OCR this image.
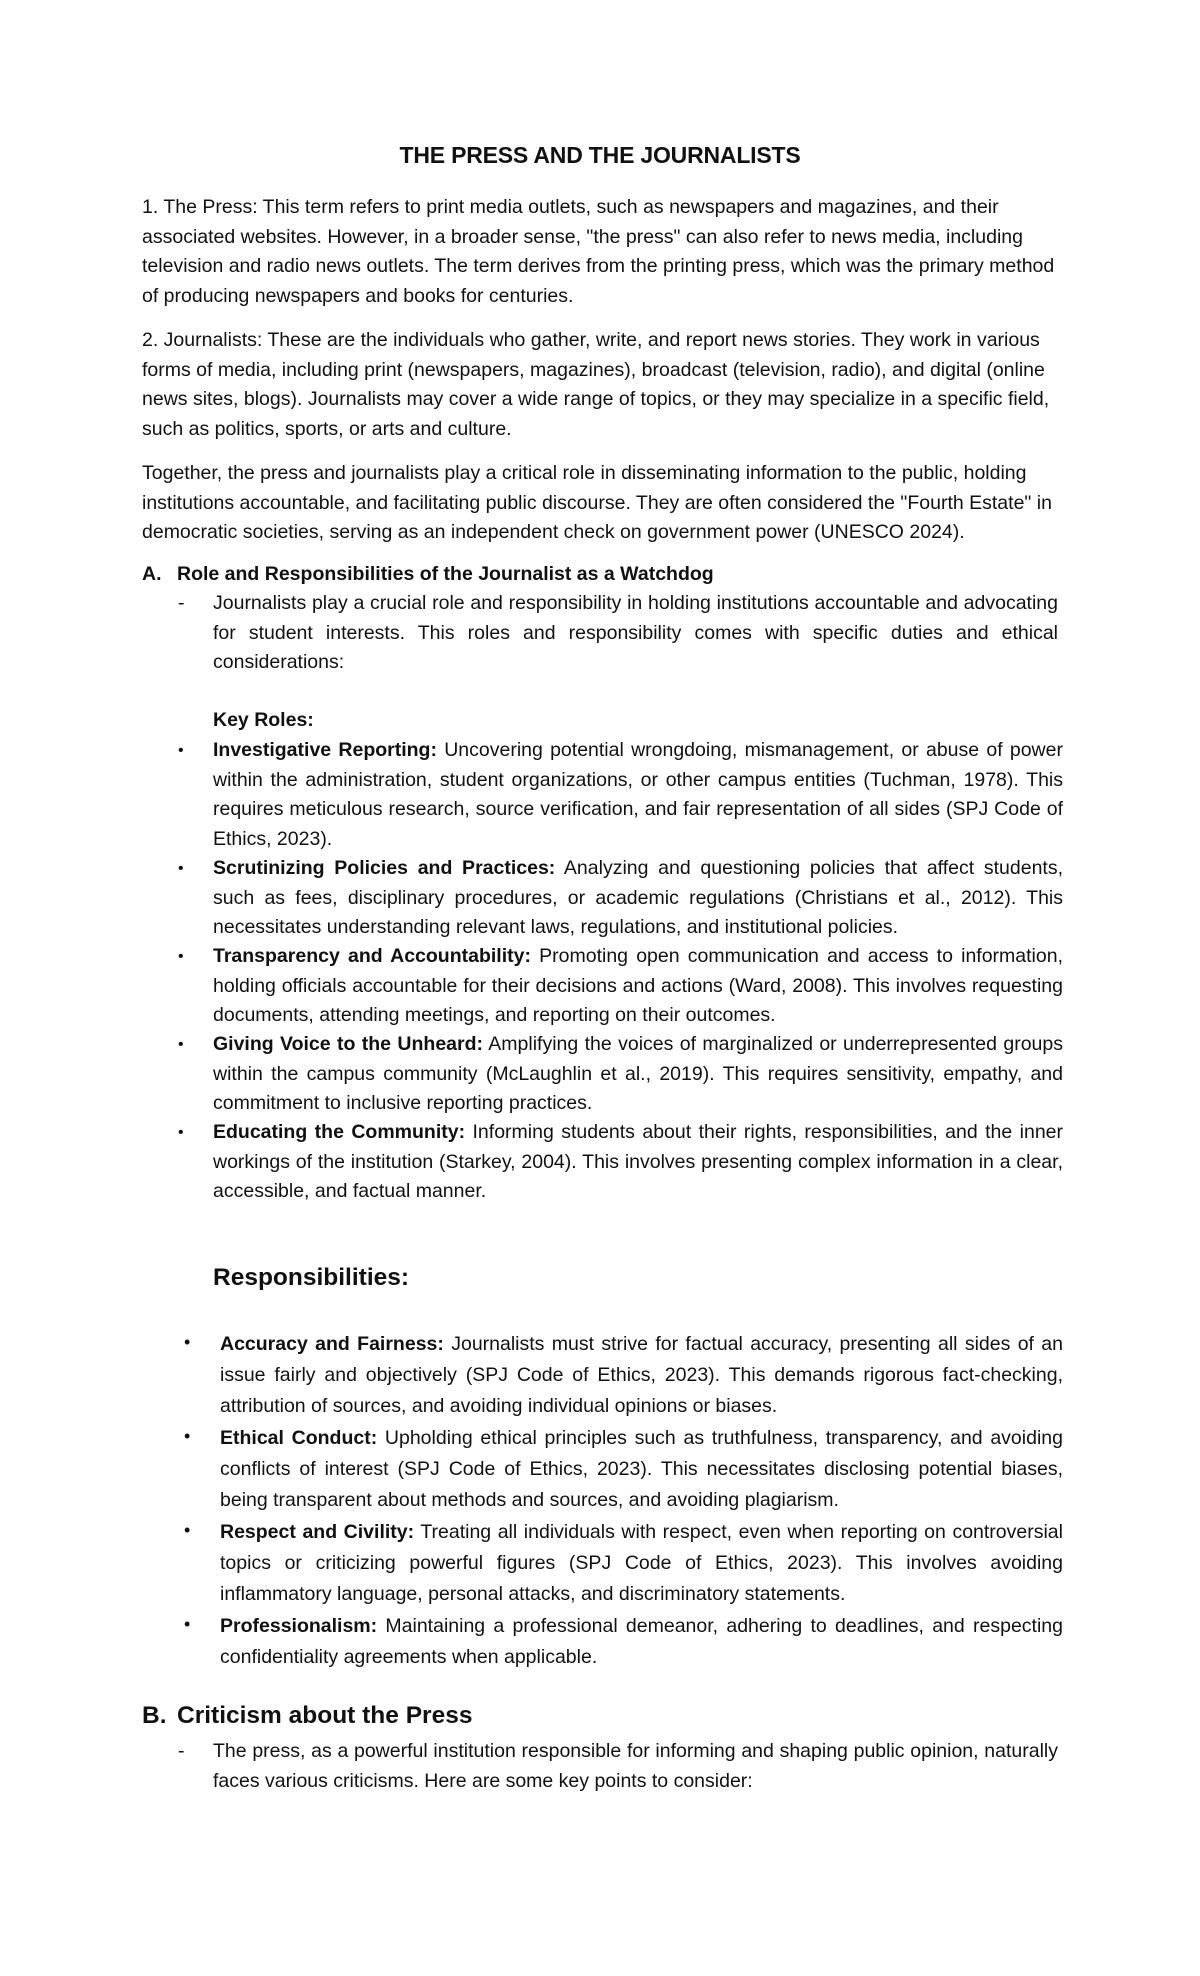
THE PRESS AND THE JOURNALISTS

1. The Press: This term refers to print media outlets, such as newspapers and magazines, and their associated websites. However, in a broader sense, "the press" can also refer to news media, including television and radio news outlets. The term derives from the printing press, which was the primary method of producing newspapers and books for centuries.

2. Journalists: These are the individuals who gather, write, and report news stories. They work in various forms of media, including print (newspapers, magazines), broadcast (television, radio), and digital (online news sites, blogs). Journalists may cover a wide range of topics, or they may specialize in a specific field, such as politics, sports, or arts and culture.

Together, the press and journalists play a critical role in disseminating information to the public, holding institutions accountable, and facilitating public discourse. They are often considered the "Fourth Estate" in democratic societies, serving as an independent check on government power (UNESCO 2024).

A. Role and Responsibilities of the Journalist as a Watchdog
- Journalists play a crucial role and responsibility in holding institutions accountable and advocating for student interests. This roles and responsibility comes with specific duties and ethical considerations:
Key Roles:
• Investigative Reporting: Uncovering potential wrongdoing, mismanagement, or abuse of power within the administration, student organizations, or other campus entities (Tuchman, 1978). This requires meticulous research, source verification, and fair representation of all sides (SPJ Code of Ethics, 2023).
• Scrutinizing Policies and Practices: Analyzing and questioning policies that affect students, such as fees, disciplinary procedures, or academic regulations (Christians et al., 2012). This necessitates understanding relevant laws, regulations, and institutional policies.
• Transparency and Accountability: Promoting open communication and access to information, holding officials accountable for their decisions and actions (Ward, 2008). This involves requesting documents, attending meetings, and reporting on their outcomes.
• Giving Voice to the Unheard: Amplifying the voices of marginalized or underrepresented groups within the campus community (McLaughlin et al., 2019). This requires sensitivity, empathy, and commitment to inclusive reporting practices.
• Educating the Community: Informing students about their rights, responsibilities, and the inner workings of the institution (Starkey, 2004). This involves presenting complex information in a clear, accessible, and factual manner.
Responsibilities:
• Accuracy and Fairness: Journalists must strive for factual accuracy, presenting all sides of an issue fairly and objectively (SPJ Code of Ethics, 2023). This demands rigorous fact-checking, attribution of sources, and avoiding individual opinions or biases.
• Ethical Conduct: Upholding ethical principles such as truthfulness, transparency, and avoiding conflicts of interest (SPJ Code of Ethics, 2023). This necessitates disclosing potential biases, being transparent about methods and sources, and avoiding plagiarism.
• Respect and Civility: Treating all individuals with respect, even when reporting on controversial topics or criticizing powerful figures (SPJ Code of Ethics, 2023). This involves avoiding inflammatory language, personal attacks, and discriminatory statements.
• Professionalism: Maintaining a professional demeanor, adhering to deadlines, and respecting confidentiality agreements when applicable.
B. Criticism about the Press
- The press, as a powerful institution responsible for informing and shaping public opinion, naturally faces various criticisms. Here are some key points to consider:
